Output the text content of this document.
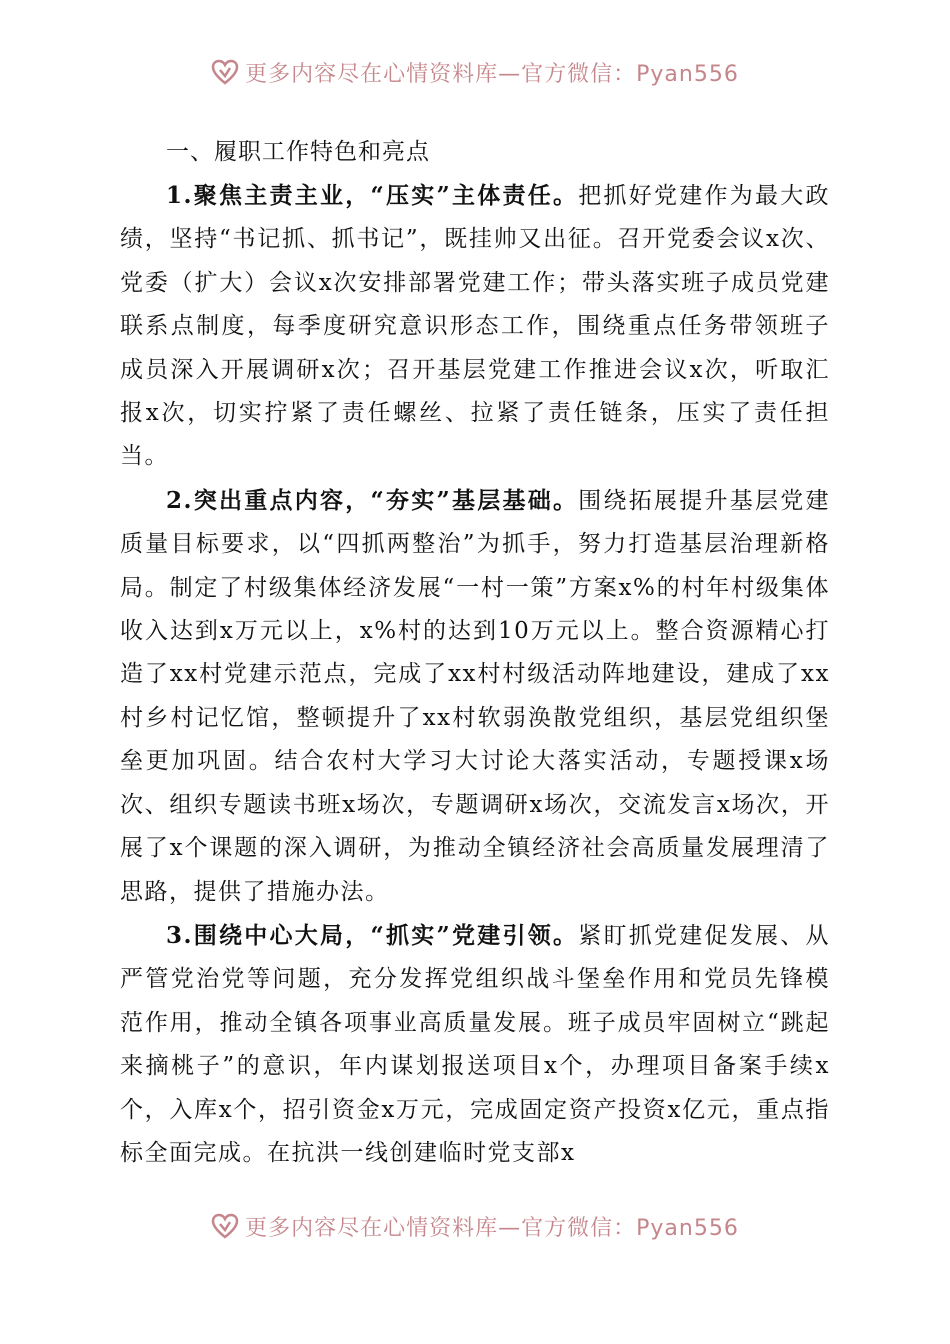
更多内容尽在心情资料库—官方微信：Pyan556

一、履职工作特色和亮点

1.聚焦主责主业，“压实”主体责任。把抓好党建作为最大政绩，坚持“书记抓、抓书记”，既挂帅又出征。召开党委会议x次、党委（扩大）会议x次安排部署党建工作；带头落实班子成员党建联系点制度，每季度研究意识形态工作，围绕重点任务带领班子成员深入开展调研x次；召开基层党建工作推进会议x次，听取汇报x次，切实拧紧了责任螺丝、拉紧了责任链条，压实了责任担当。

2.突出重点内容，“夯实”基层基础。围绕拓展提升基层党建质量目标要求，以“四抓两整治”为抓手，努力打造基层治理新格局。制定了村级集体经济发展“一村一策”方案x%的村年村级集体收入达到x万元以上，x%村的达到10万元以上。整合资源精心打造了xx村党建示范点，完成了xx村村级活动阵地建设，建成了xx村乡村记忆馆，整顿提升了xx村软弱涣散党组织，基层党组织堡垒更加巩固。结合农村大学习大讨论大落实活动，专题授课x场次、组织专题读书班x场次，专题调研x场次，交流发言x场次，开展了x个课题的深入调研，为推动全镇经济社会高质量发展理清了思路，提供了措施办法。

3.围绕中心大局，“抓实”党建引领。紧盯抓党建促发展、从严管党治党等问题，充分发挥党组织战斗堡垒作用和党员先锋模范作用，推动全镇各项事业高质量发展。班子成员牢固树立“跳起来摘桃子”的意识，年内谋划报送项目x个，办理项目备案手续x个，入库x个，招引资金x万元，完成固定资产投资x亿元，重点指标全面完成。在抗洪一线创建临时党支部x

更多内容尽在心情资料库—官方微信：Pyan556
